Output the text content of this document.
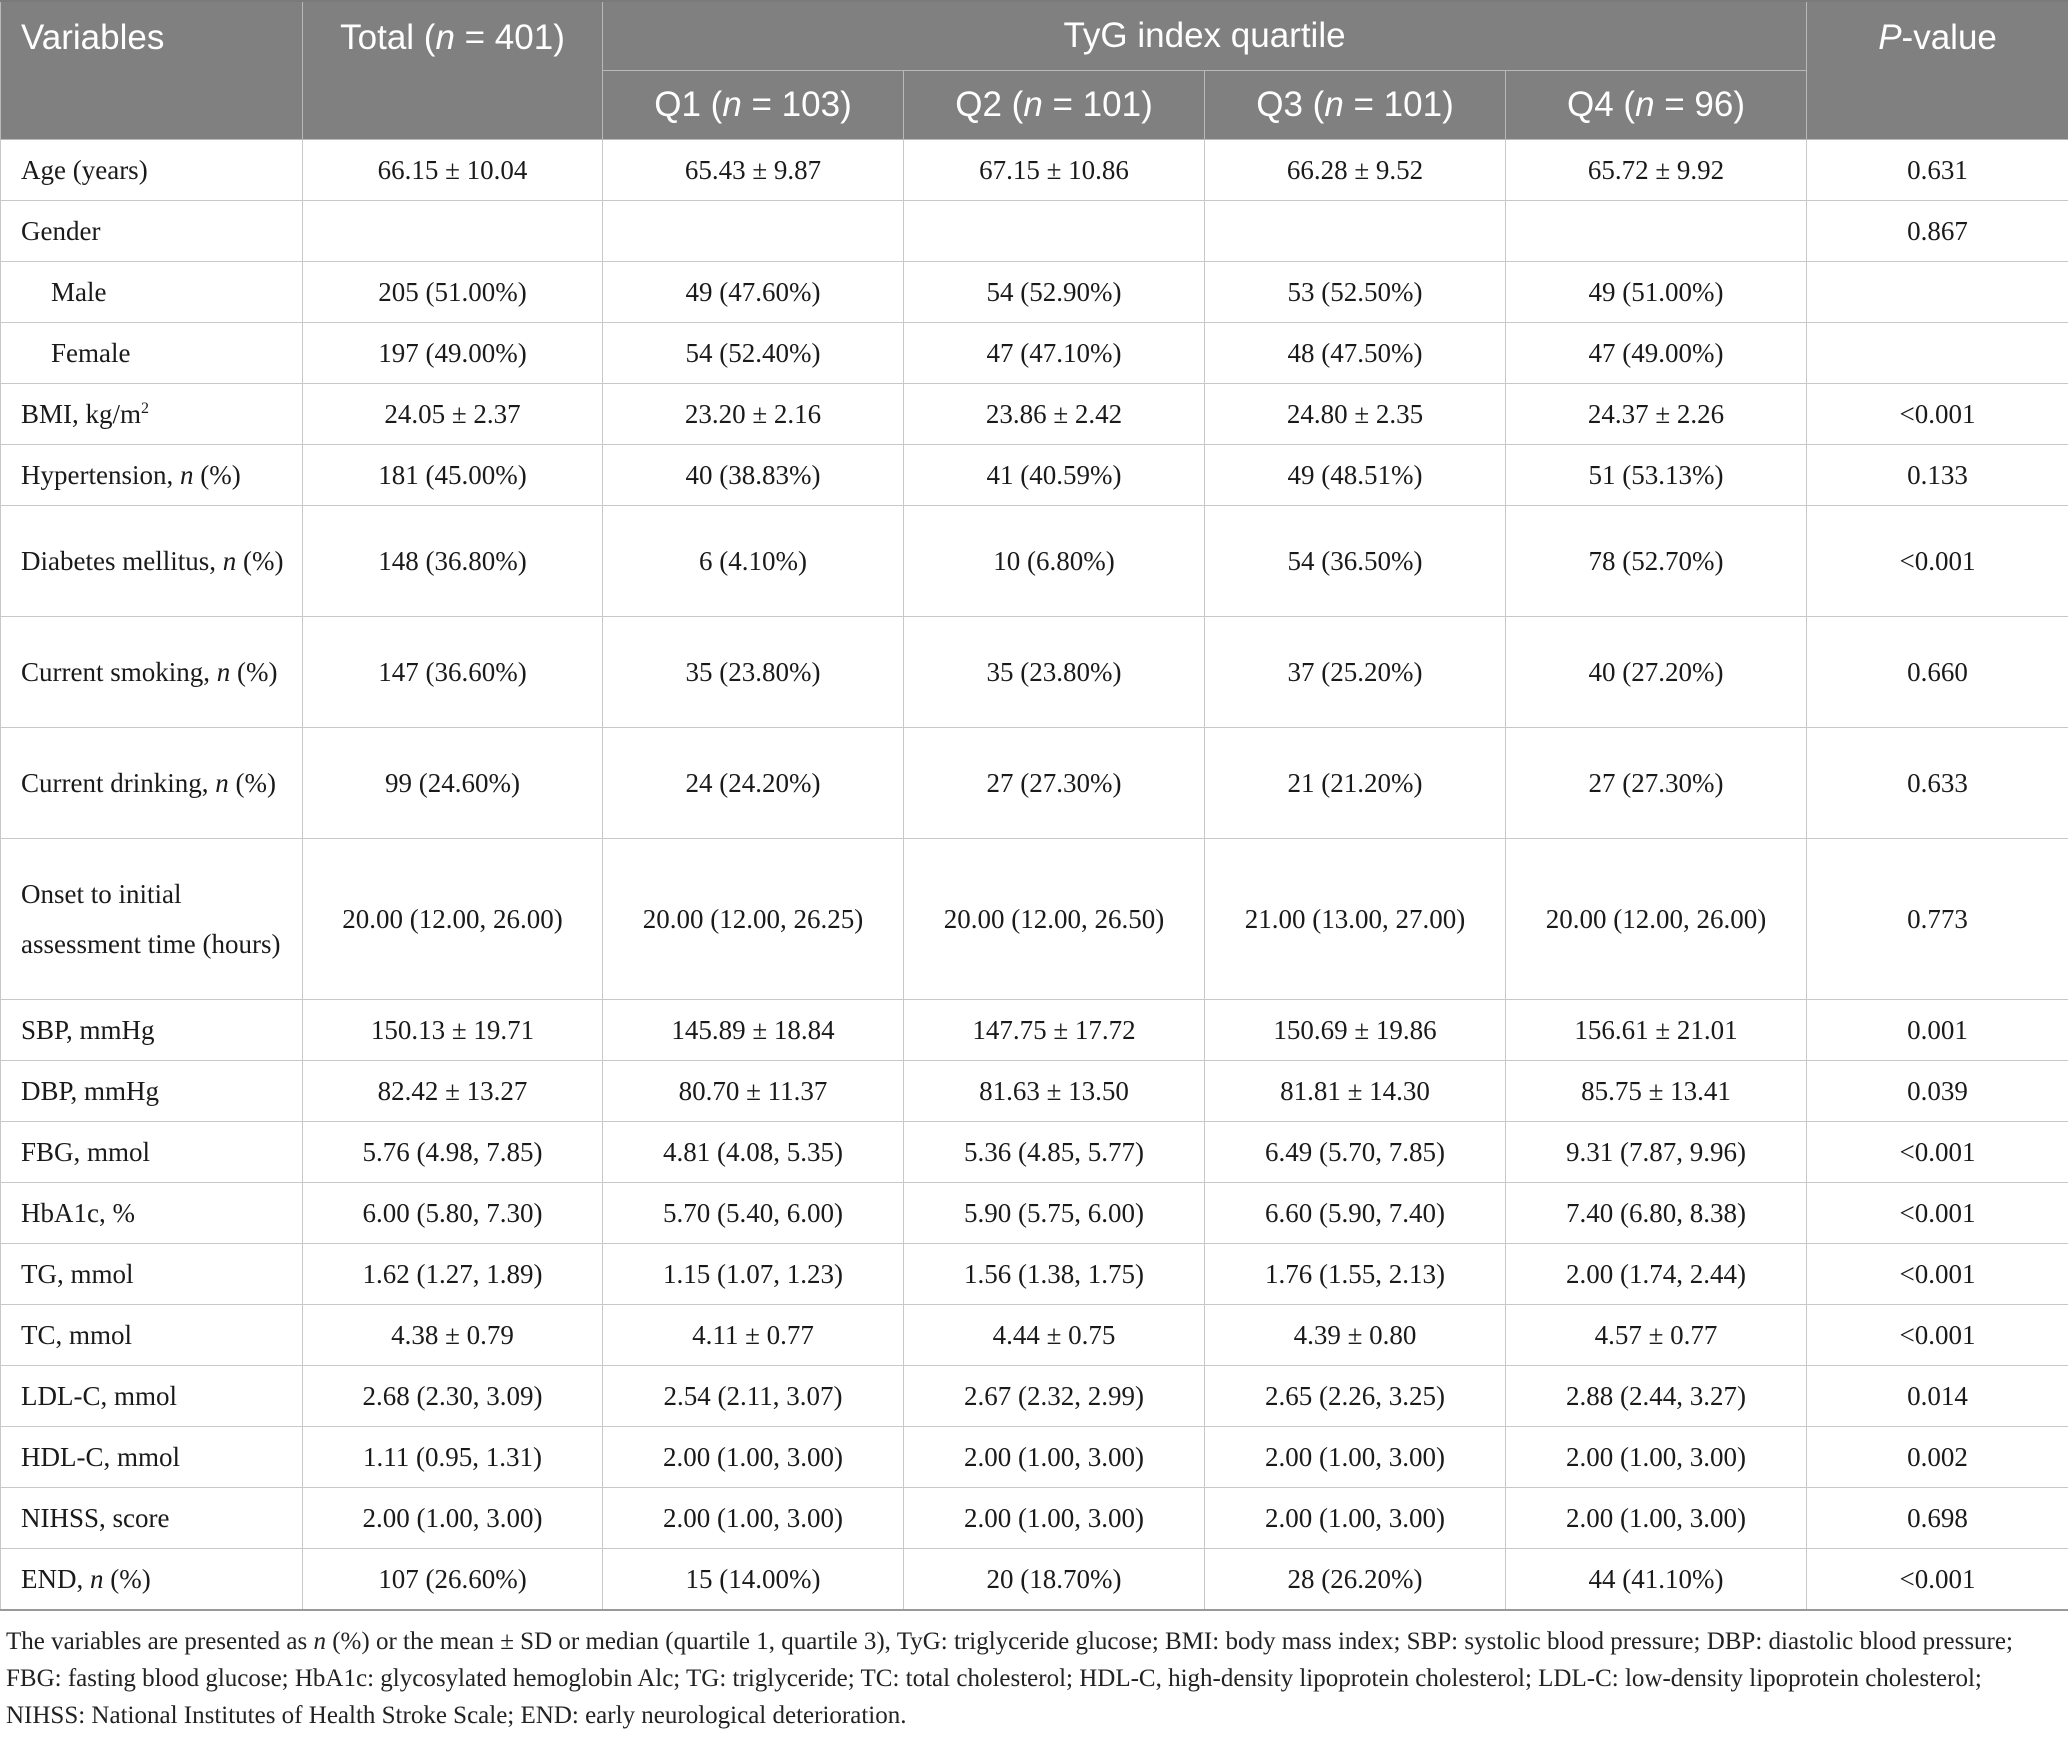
Variables	Total (n = 401)	TyG index quartile				P-value
		Q1 (n = 103)	Q2 (n = 101)	Q3 (n = 101)	Q4 (n = 96)	
Age (years)	66.15 ± 10.04	65.43 ± 9.87	67.15 ± 10.86	66.28 ± 9.52	65.72 ± 9.92	0.631
Gender						0.867
Male	205 (51.00%)	49 (47.60%)	54 (52.90%)	53 (52.50%)	49 (51.00%)	
Female	197 (49.00%)	54 (52.40%)	47 (47.10%)	48 (47.50%)	47 (49.00%)	
BMI, $kg/m^2$	24.05 ± 2.37	23.20 ± 2.16	23.86 ± 2.42	24.80 ± 2.35	24.37 ± 2.26	<0.001
Hypertension, n (%)	181 (45.00%)	40 (38.83%)	41 (40.59%)	49 (48.51%)	51 (53.13%)	0.133
Diabetes mellitus, n (%)	148 (36.80%)	6 (4.10%)	10 (6.80%)	54 (36.50%)	78 (52.70%)	<0.001
Current smoking, n (%)	147 (36.60%)	35 (23.80%)	35 (23.80%)	37 (25.20%)	40 (27.20%)	0.660
Current drinking, n (%)	99 (24.60%)	24 (24.20%)	27 (27.30%)	21 (21.20%)	27 (27.30%)	0.633
Onset to initial assessment time (hours)	20.00 (12.00, 26.00)	20.00 (12.00, 26.25)	20.00 (12.00, 26.50)	21.00 (13.00, 27.00)	20.00 (12.00, 26.00)	0.773
SBP, mmHg	150.13 ± 19.71	145.89 ± 18.84	147.75 ± 17.72	150.69 ± 19.86	156.61 ± 21.01	0.001
DBP, mmHg	82.42 ± 13.27	80.70 ± 11.37	81.63 ± 13.50	81.81 ± 14.30	85.75 ± 13.41	0.039
FBG, mmol	5.76 (4.98, 7.85)	4.81 (4.08, 5.35)	5.36 (4.85, 5.77)	6.49 (5.70, 7.85)	9.31 (7.87, 9.96)	<0.001
HbA1c, %	6.00 (5.80, 7.30)	5.70 (5.40, 6.00)	5.90 (5.75, 6.00)	6.60 (5.90, 7.40)	7.40 (6.80, 8.38)	<0.001
TG, mmol	1.62 (1.27, 1.89)	1.15 (1.07, 1.23)	1.56 (1.38, 1.75)	1.76 (1.55, 2.13)	2.00 (1.74, 2.44)	<0.001
TC, mmol	4.38 ± 0.79	4.11 ± 0.77	4.44 ± 0.75	4.39 ± 0.80	4.57 ± 0.77	<0.001
LDL-C, mmol	2.68 (2.30, 3.09)	2.54 (2.11, 3.07)	2.67 (2.32, 2.99)	2.65 (2.26, 3.25)	2.88 (2.44, 3.27)	0.014
HDL-C, mmol	1.11 (0.95, 1.31)	2.00 (1.00, 3.00)	2.00 (1.00, 3.00)	2.00 (1.00, 3.00)	2.00 (1.00, 3.00)	0.002
NIHSS, score	2.00 (1.00, 3.00)	2.00 (1.00, 3.00)	2.00 (1.00, 3.00)	2.00 (1.00, 3.00)	2.00 (1.00, 3.00)	0.698
END, n (%)	107 (26.60%)	15 (14.00%)	20 (18.70%)	28 (26.20%)	44 (41.10%)	<0.001
The variables are presented as n (%) or the mean ± SD or median (quartile 1, quartile 3), TyG: triglyceride glucose; BMI: body mass index; SBP: systolic blood pressure; DBP: diastolic blood pressure; FBG: fasting blood glucose; HbA1c: glycosylated hemoglobin Alc; TG: triglyceride; TC: total cholesterol; HDL-C, high-density lipoprotein cholesterol; LDL-C: low-density lipoprotein cholesterol; NIHSS: National Institutes of Health Stroke Scale; END: early neurological deterioration.
